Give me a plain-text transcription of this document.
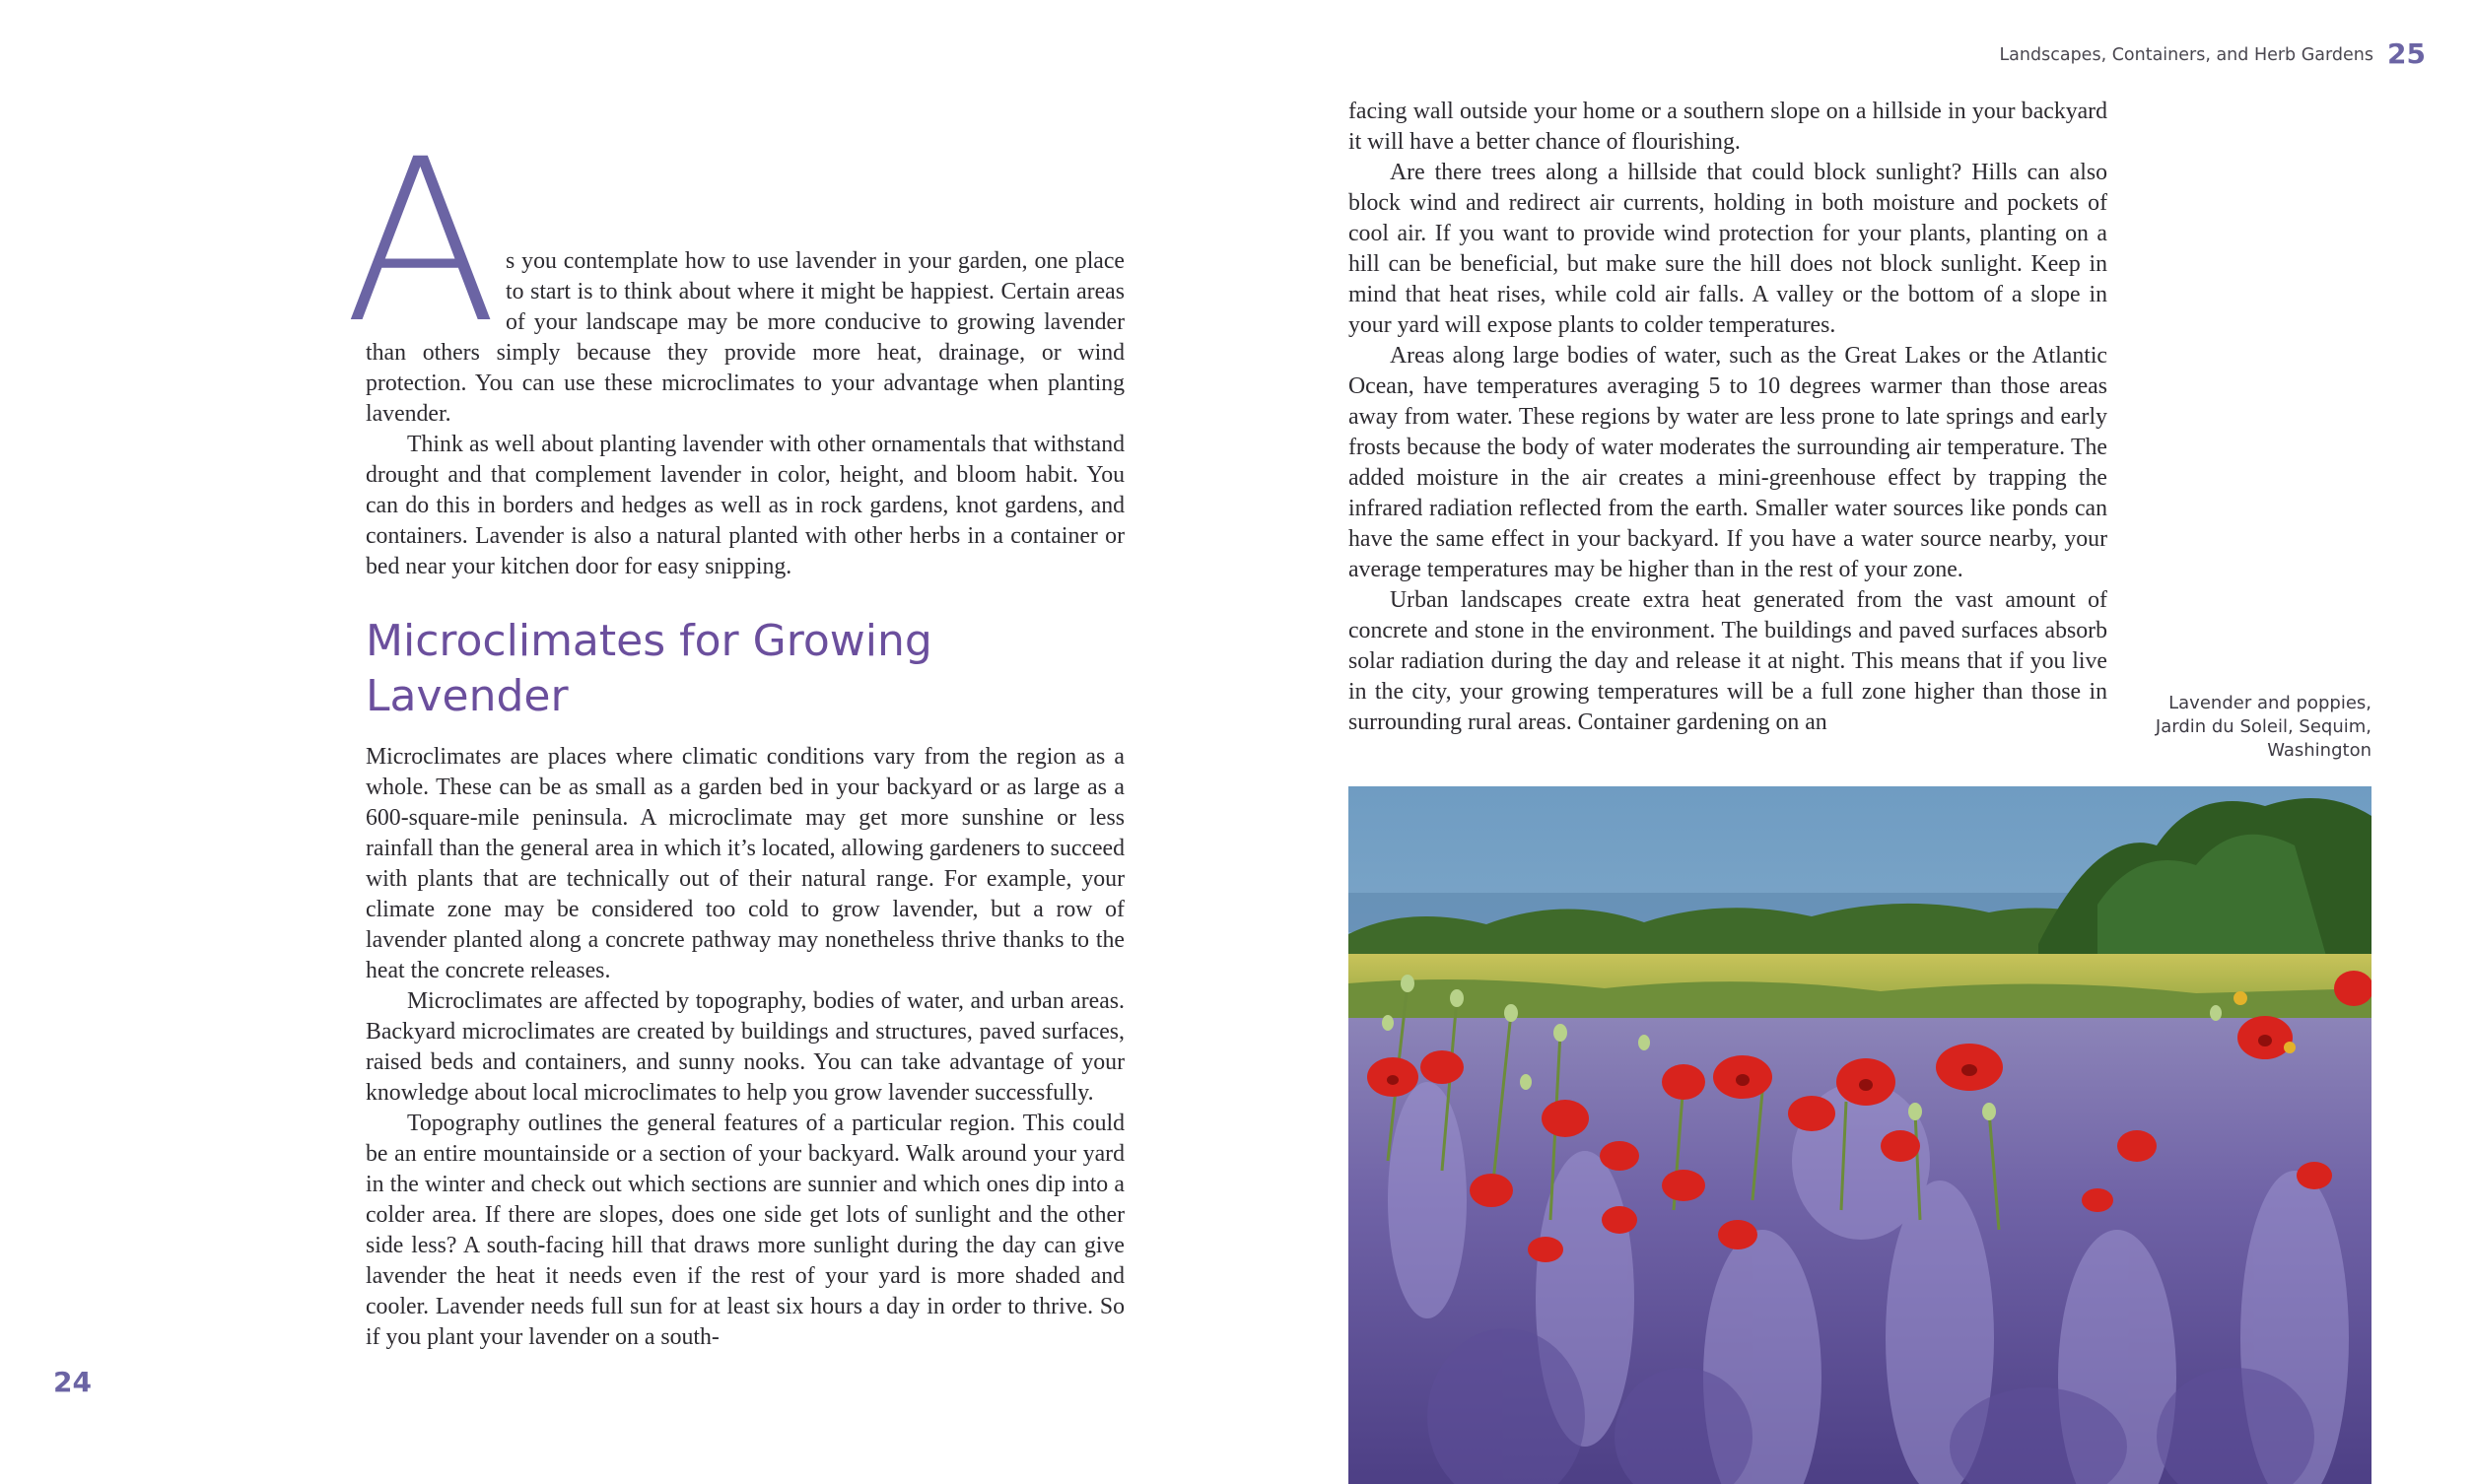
24

As you contemplate how to use lavender in your garden, one place to start is to think about where it might be happiest. Certain areas of your landscape may be more conducive to growing lavender than others simply because they provide more heat, drainage, or wind protection. You can use these microclimates to your advantage when planting lavender.

Think as well about planting lavender with other ornamentals that withstand drought and that complement lavender in color, height, and bloom habit. You can do this in borders and hedges as well as in rock gardens, knot gardens, and containers. Lavender is also a natural planted with other herbs in a container or bed near your kitchen door for easy snipping.

Microclimates for Growing Lavender

Microclimates are places where climatic conditions vary from the region as a whole. These can be as small as a garden bed in your backyard or as large as a 600-square-mile peninsula. A microclimate may get more sunshine or less rainfall than the general area in which it’s located, allowing gardeners to succeed with plants that are technically out of their natural range. For example, your climate zone may be considered too cold to grow lavender, but a row of lavender planted along a concrete pathway may nonetheless thrive thanks to the heat the concrete releases.

Microclimates are affected by topography, bodies of water, and urban areas. Backyard microclimates are created by buildings and structures, paved surfaces, raised beds and containers, and sunny nooks. You can take advantage of your knowledge about local microclimates to help you grow lavender successfully.

Topography outlines the general features of a particular region. This could be an entire mountainside or a section of your backyard. Walk around your yard in the winter and check out which sections are sunnier and which ones dip into a colder area. If there are slopes, does one side get lots of sunlight and the other side less? A south-facing hill that draws more sunlight during the day can give lavender the heat it needs even if the rest of your yard is more shaded and cooler. Lavender needs full sun for at least six hours a day in order to thrive. So if you plant your lavender on a south-

Landscapes, Containers, and Herb Gardens 25

facing wall outside your home or a southern slope on a hillside in your backyard it will have a better chance of flourishing.

Are there trees along a hillside that could block sunlight? Hills can also block wind and redirect air currents, holding in both moisture and pockets of cool air. If you want to provide wind protection for your plants, planting on a hill can be beneficial, but make sure the hill does not block sunlight. Keep in mind that heat rises, while cold air falls. A valley or the bottom of a slope in your yard will expose plants to colder temperatures.

Areas along large bodies of water, such as the Great Lakes or the Atlantic Ocean, have temperatures averaging 5 to 10 degrees warmer than those areas away from water. These regions by water are less prone to late springs and early frosts because the body of water moderates the surrounding air temperature. The added moisture in the air creates a mini-greenhouse effect by trapping the infrared radiation reflected from the earth. Smaller water sources like ponds can have the same effect in your backyard. If you have a water source nearby, your average temperatures may be higher than in the rest of your zone.

Urban landscapes create extra heat generated from the vast amount of concrete and stone in the environment. The buildings and paved surfaces absorb solar radiation during the day and release it at night. This means that if you live in the city, your growing temperatures will be a full zone higher than those in surrounding rural areas. Container gardening on an

Lavender and poppies,
Jardin du Soleil, Sequim,
Washington
